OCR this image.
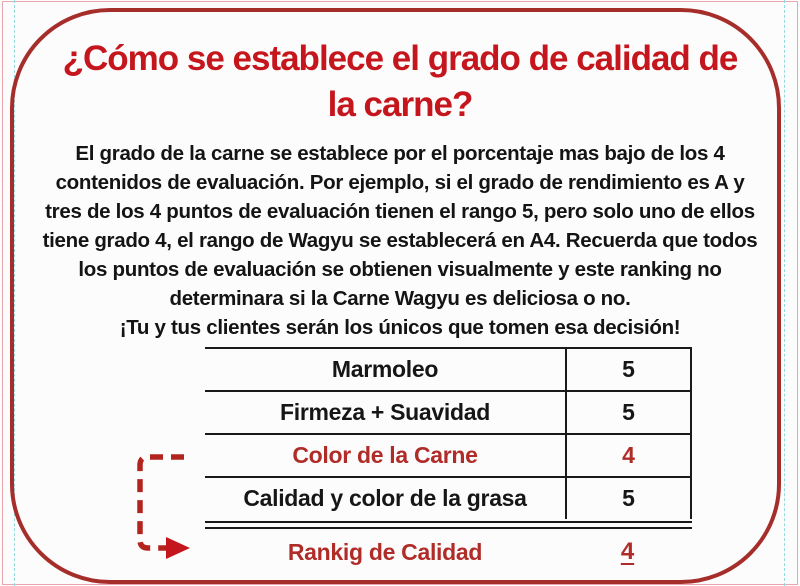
¿Cómo se establece el grado de calidad de
la carne?
El grado de la carne se establece por el porcentaje mas bajo de los 4
contenidos de evaluación. Por ejemplo, si el grado de rendimiento es A y
tres de los 4 puntos de evaluación tienen el rango 5, pero solo uno de ellos
tiene grado 4, el rango de Wagyu se establecerá en A4. Recuerda que todos
los puntos de evaluación se obtienen visualmente y este ranking no
determinara si la Carne Wagyu es deliciosa o no.
¡Tu y tus clientes serán los únicos que tomen esa decisión!
Marmoleo	5
Firmeza + Suavidad	5
Color de la Carne	4
Calidad y color de la grasa	5
Rankig de Calidad	4
